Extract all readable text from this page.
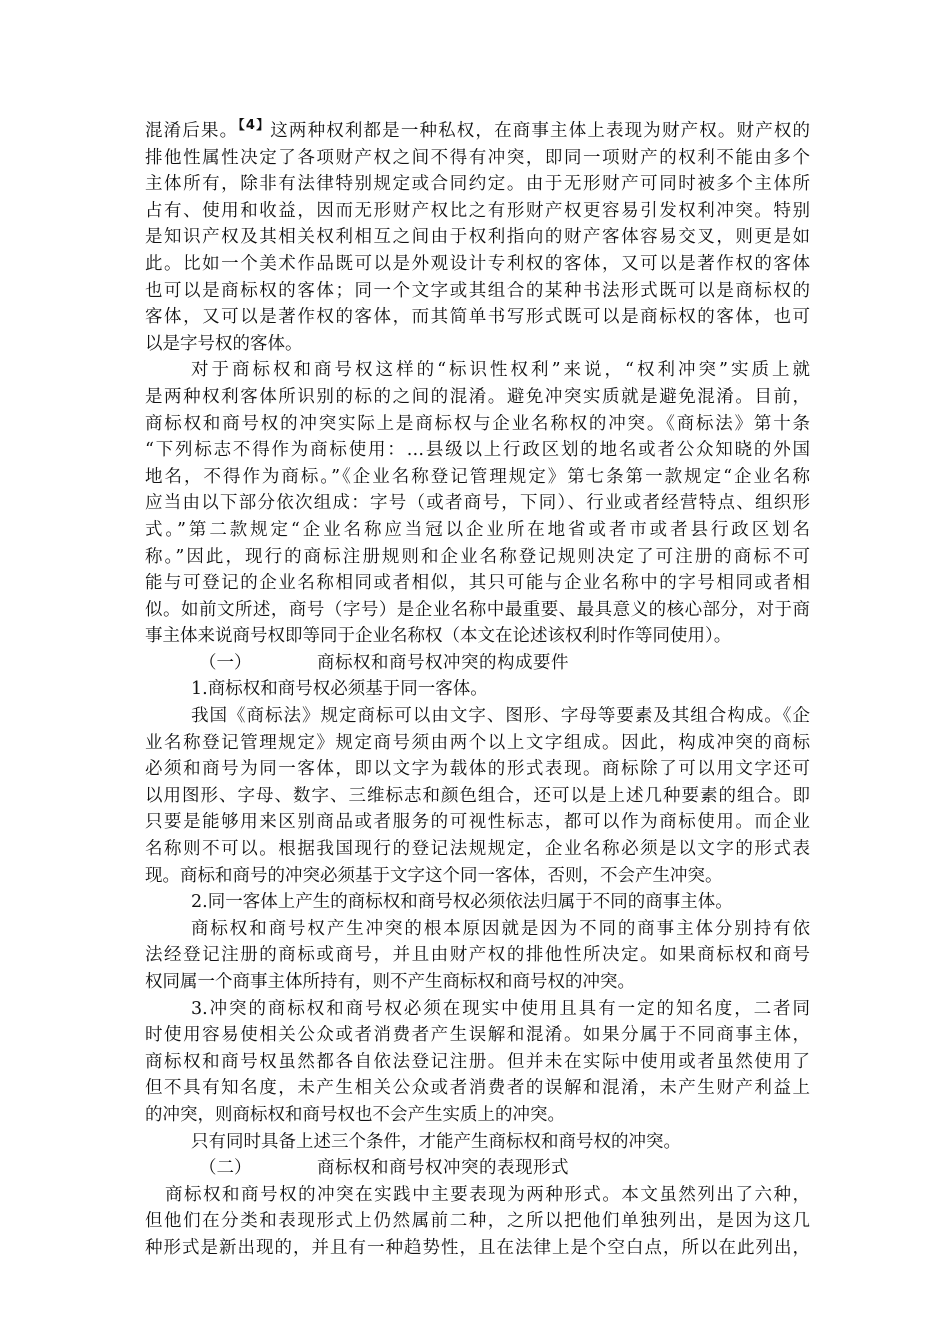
混淆后果。$^{【4】}$这两种权利都是一种私权，在商事主体上表现为财产权。财产权的
排他性属性决定了各项财产权之间不得有冲突，即同一项财产的权利不能由多个
主体所有，除非有法律特别规定或合同约定。由于无形财产可同时被多个主体所
占有、使用和收益，因而无形财产权比之有形财产权更容易引发权利冲突。特别
是知识产权及其相关权利相互之间由于权利指向的财产客体容易交叉，则更是如
此。比如一个美术作品既可以是外观设计专利权的客体，又可以是著作权的客体
也可以是商标权的客体；同一个文字或其组合的某种书法形式既可以是商标权的
客体，又可以是著作权的客体，而其简单书写形式既可以是商标权的客体，也可
以是字号权的客体。
对于商标权和商号权这样的“标识性权利”来说，“权利冲突”实质上就
是两种权利客体所识别的标的之间的混淆。避免冲突实质就是避免混淆。目前，
商标权和商号权的冲突实际上是商标权与企业名称权的冲突。《商标法》第十条
“下列标志不得作为商标使用：…县级以上行政区划的地名或者公众知晓的外国
地名，不得作为商标。”《企业名称登记管理规定》第七条第一款规定“企业名称
应当由以下部分依次组成：字号（或者商号，下同）、行业或者经营特点、组织形
式。”第二款规定“企业名称应当冠以企业所在地省或者市或者县行政区划名
称。”因此，现行的商标注册规则和企业名称登记规则决定了可注册的商标不可
能与可登记的企业名称相同或者相似，其只可能与企业名称中的字号相同或者相
似。如前文所述，商号（字号）是企业名称中最重要、最具意义的核心部分，对于商
事主体来说商号权即等同于企业名称权（本文在论述该权利时作等同使用）。
（一）	商标权和商号权冲突的构成要件
1.商标权和商号权必须基于同一客体。
我国《商标法》规定商标可以由文字、图形、字母等要素及其组合构成。《企
业名称登记管理规定》规定商号须由两个以上文字组成。因此，构成冲突的商标
必须和商号为同一客体，即以文字为载体的形式表现。商标除了可以用文字还可
以用图形、字母、数字、三维标志和颜色组合，还可以是上述几种要素的组合。即
只要是能够用来区别商品或者服务的可视性标志，都可以作为商标使用。而企业
名称则不可以。根据我国现行的登记法规规定，企业名称必须是以文字的形式表
现。商标和商号的冲突必须基于文字这个同一客体，否则，不会产生冲突。
2.同一客体上产生的商标权和商号权必须依法归属于不同的商事主体。
商标权和商号权产生冲突的根本原因就是因为不同的商事主体分别持有依
法经登记注册的商标或商号，并且由财产权的排他性所决定。如果商标权和商号
权同属一个商事主体所持有，则不产生商标权和商号权的冲突。
3.冲突的商标权和商号权必须在现实中使用且具有一定的知名度，二者同
时使用容易使相关公众或者消费者产生误解和混淆。如果分属于不同商事主体，
商标权和商号权虽然都各自依法登记注册。但并未在实际中使用或者虽然使用了
但不具有知名度，未产生相关公众或者消费者的误解和混淆，未产生财产利益上
的冲突，则商标权和商号权也不会产生实质上的冲突。
只有同时具备上述三个条件，才能产生商标权和商号权的冲突。
（二）	商标权和商号权冲突的表现形式
商标权和商号权的冲突在实践中主要表现为两种形式。本文虽然列出了六种，
但他们在分类和表现形式上仍然属前二种，之所以把他们单独列出，是因为这几
种形式是新出现的，并且有一种趋势性，且在法律上是个空白点，所以在此列出，
